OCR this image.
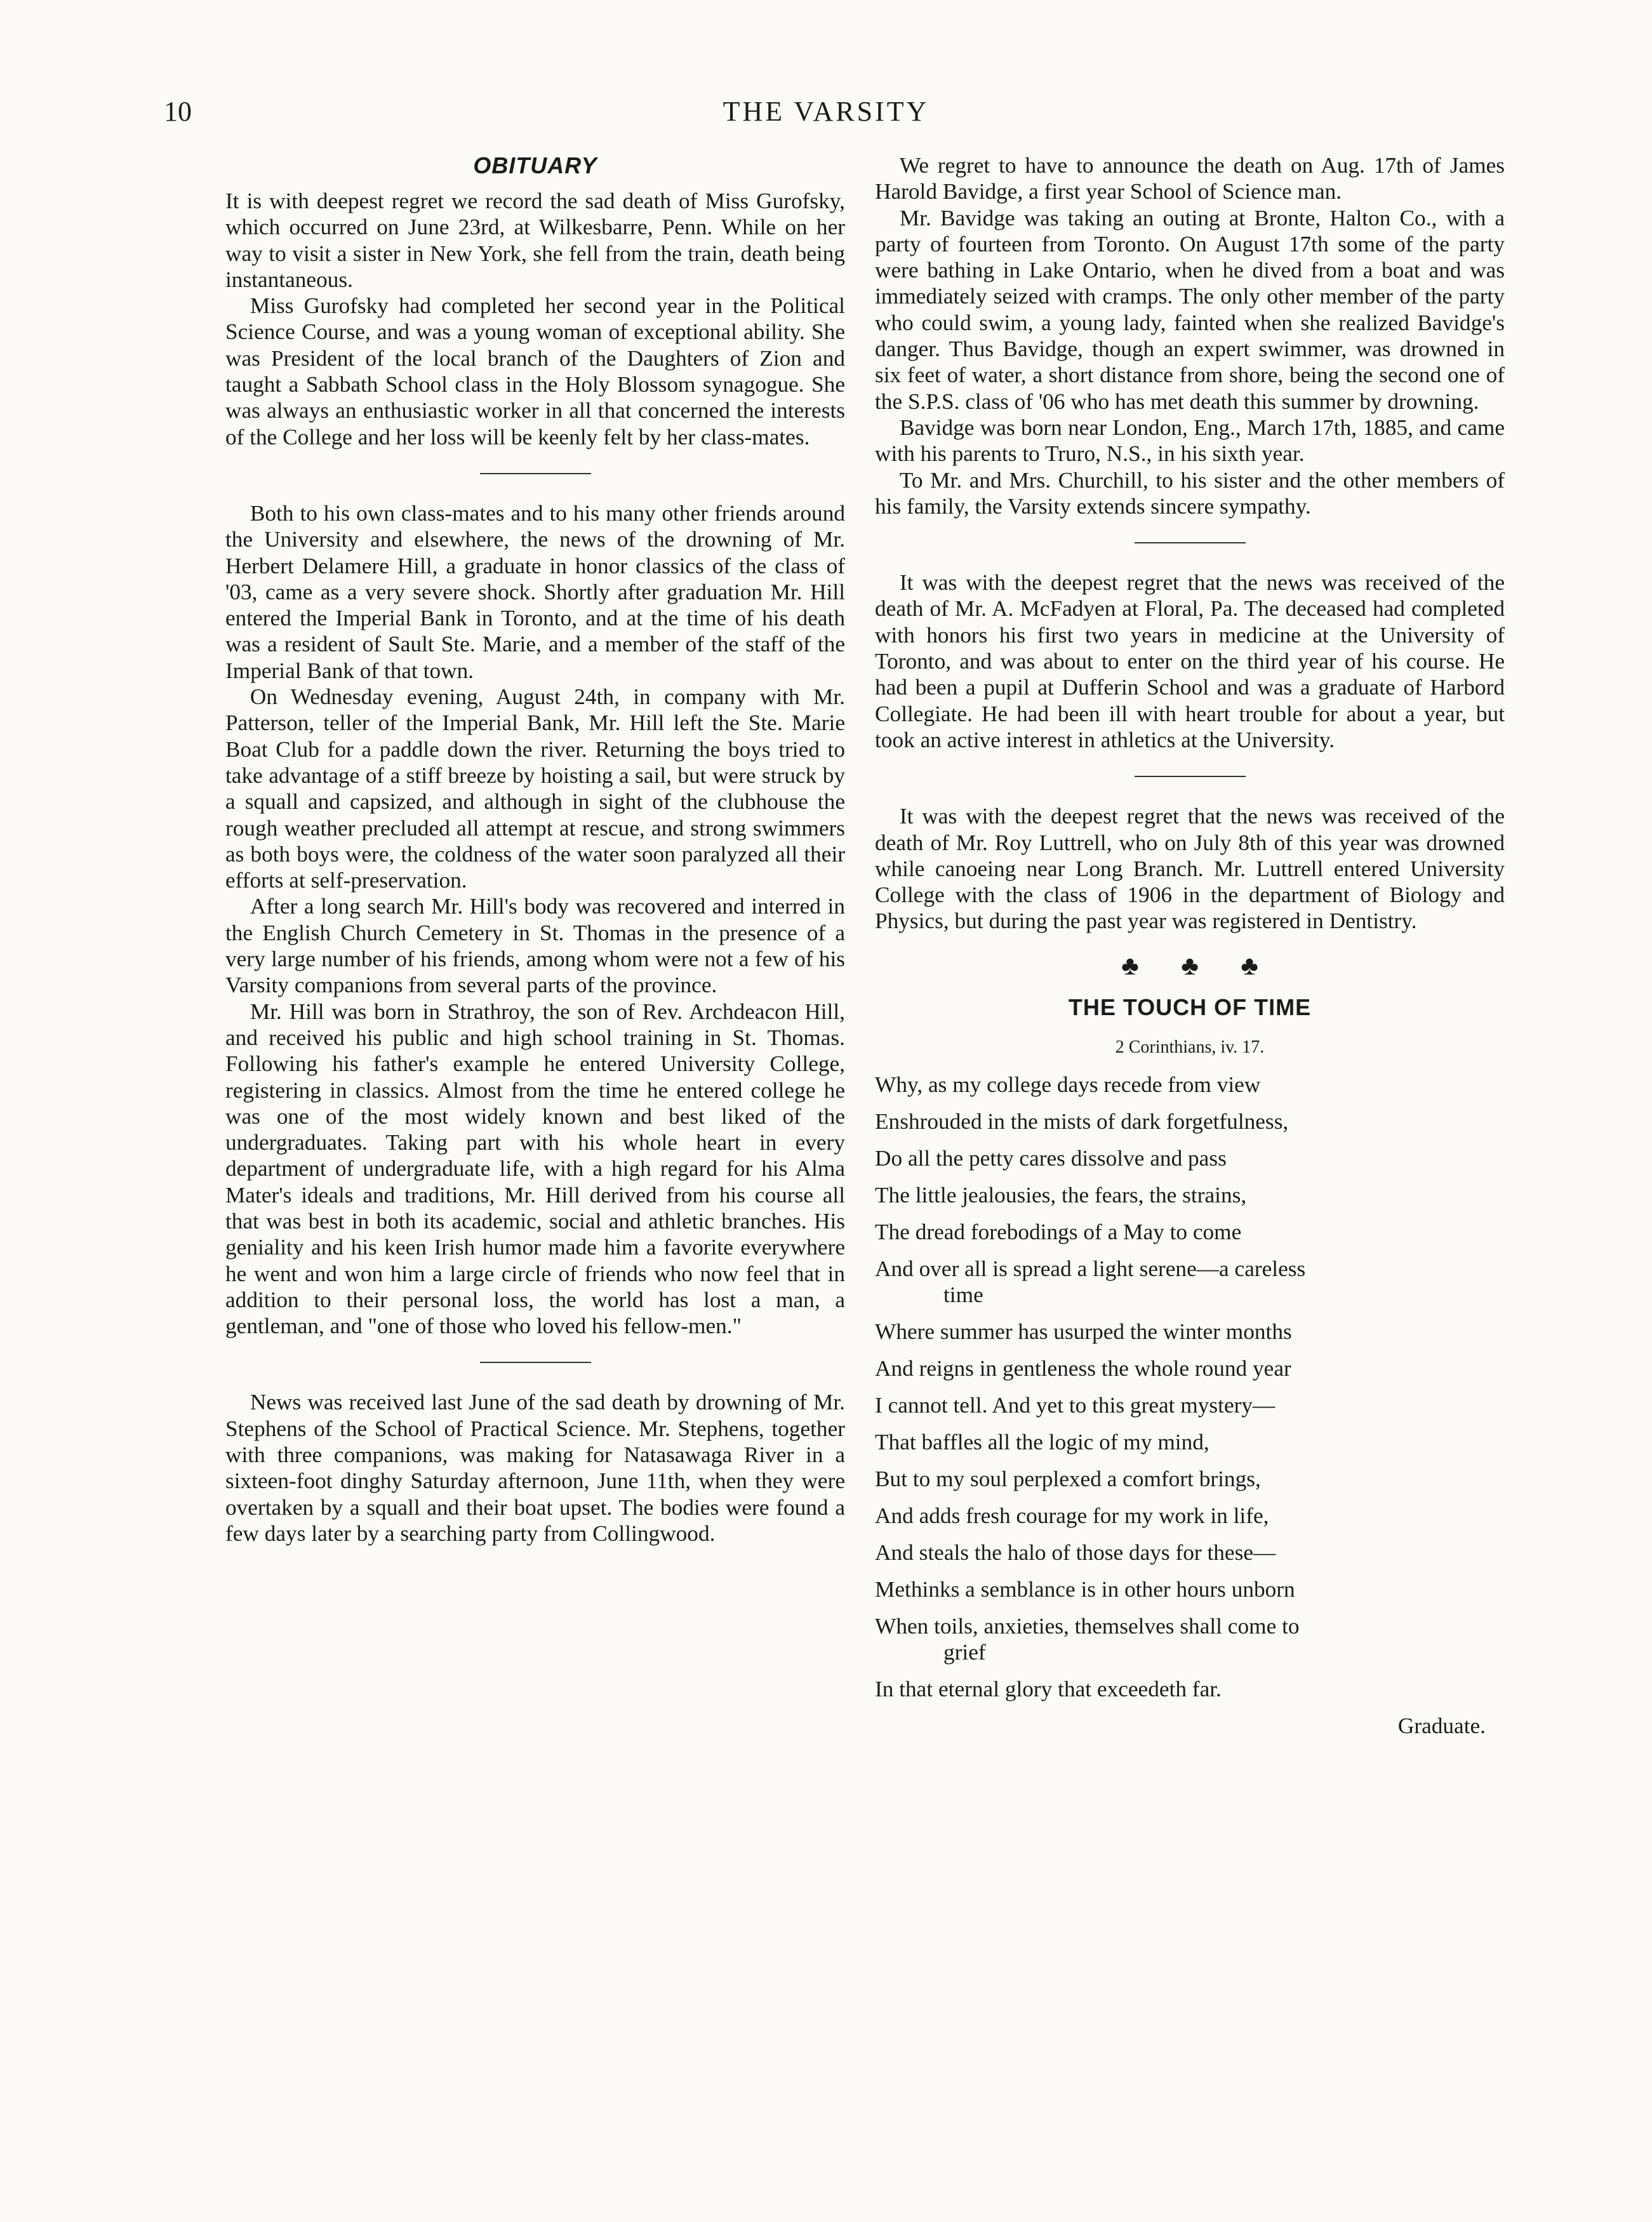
10	THE VARSITY
OBITUARY

It is with deepest regret we record the sad death of Miss Gurofsky, which occurred on June 23rd, at Wilkesbarre, Penn. While on her way to visit a sister in New York, she fell from the train, death being instantaneous.

Miss Gurofsky had completed her second year in the Political Science Course, and was a young woman of exceptional ability. She was President of the local branch of the Daughters of Zion and taught a Sabbath School class in the Holy Blossom synagogue. She was always an enthusiastic worker in all that concerned the interests of the College and her loss will be keenly felt by her class-mates.

Both to his own class-mates and to his many other friends around the University and elsewhere, the news of the drowning of Mr. Herbert Delamere Hill, a graduate in honor classics of the class of '03, came as a very severe shock. Shortly after graduation Mr. Hill entered the Imperial Bank in Toronto, and at the time of his death was a resident of Sault Ste. Marie, and a member of the staff of the Imperial Bank of that town.

On Wednesday evening, August 24th, in company with Mr. Patterson, teller of the Imperial Bank, Mr. Hill left the Ste. Marie Boat Club for a paddle down the river. Returning the boys tried to take advantage of a stiff breeze by hoisting a sail, but were struck by a squall and capsized, and although in sight of the clubhouse the rough weather precluded all attempt at rescue, and strong swimmers as both boys were, the coldness of the water soon paralyzed all their efforts at self-preservation.

After a long search Mr. Hill's body was recovered and interred in the English Church Cemetery in St. Thomas in the presence of a very large number of his friends, among whom were not a few of his Varsity companions from several parts of the province.

Mr. Hill was born in Strathroy, the son of Rev. Archdeacon Hill, and received his public and high school training in St. Thomas. Following his father's example he entered University College, registering in classics. Almost from the time he entered college he was one of the most widely known and best liked of the undergraduates. Taking part with his whole heart in every department of undergraduate life, with a high regard for his Alma Mater's ideals and traditions, Mr. Hill derived from his course all that was best in both its academic, social and athletic branches. His geniality and his keen Irish humor made him a favorite everywhere he went and won him a large circle of friends who now feel that in addition to their personal loss, the world has lost a man, a gentleman, and "one of those who loved his fellow-men."

News was received last June of the sad death by drowning of Mr. Stephens of the School of Practical Science. Mr. Stephens, together with three companions, was making for Natasawaga River in a sixteen-foot dinghy Saturday afternoon, June 11th, when they were overtaken by a squall and their boat upset. The bodies were found a few days later by a searching party from Collingwood.

We regret to have to announce the death on Aug. 17th of James Harold Bavidge, a first year School of Science man.

Mr. Bavidge was taking an outing at Bronte, Halton Co., with a party of fourteen from Toronto. On August 17th some of the party were bathing in Lake Ontario, when he dived from a boat and was immediately seized with cramps. The only other member of the party who could swim, a young lady, fainted when she realized Bavidge's danger. Thus Bavidge, though an expert swimmer, was drowned in six feet of water, a short distance from shore, being the second one of the S.P.S. class of '06 who has met death this summer by drowning.

Bavidge was born near London, Eng., March 17th, 1885, and came with his parents to Truro, N.S., in his sixth year.

To Mr. and Mrs. Churchill, to his sister and the other members of his family, the Varsity extends sincere sympathy.

It was with the deepest regret that the news was received of the death of Mr. A. McFadyen at Floral, Pa. The deceased had completed with honors his first two years in medicine at the University of Toronto, and was about to enter on the third year of his course. He had been a pupil at Dufferin School and was a graduate of Harbord Collegiate. He had been ill with heart trouble for about a year, but took an active interest in athletics at the University.

It was with the deepest regret that the news was received of the death of Mr. Roy Luttrell, who on July 8th of this year was drowned while canoeing near Long Branch. Mr. Luttrell entered University College with the class of 1906 in the department of Biology and Physics, but during the past year was registered in Dentistry.

♣ ♣ ♣
THE TOUCH OF TIME
2 Corinthians, iv. 17.
Why, as my college days recede from view
Enshrouded in the mists of dark forgetfulness,
Do all the petty cares dissolve and pass
The little jealousies, the fears, the strains,
The dread forebodings of a May to come
And over all is spread a light serene—a careless
time
Where summer has usurped the winter months
And reigns in gentleness the whole round year
I cannot tell. And yet to this great mystery—
That baffles all the logic of my mind,
But to my soul perplexed a comfort brings,
And adds fresh courage for my work in life,
And steals the halo of those days for these—
Methinks a semblance is in other hours unborn
When toils, anxieties, themselves shall come to
grief
In that eternal glory that exceedeth far.
Graduate.
